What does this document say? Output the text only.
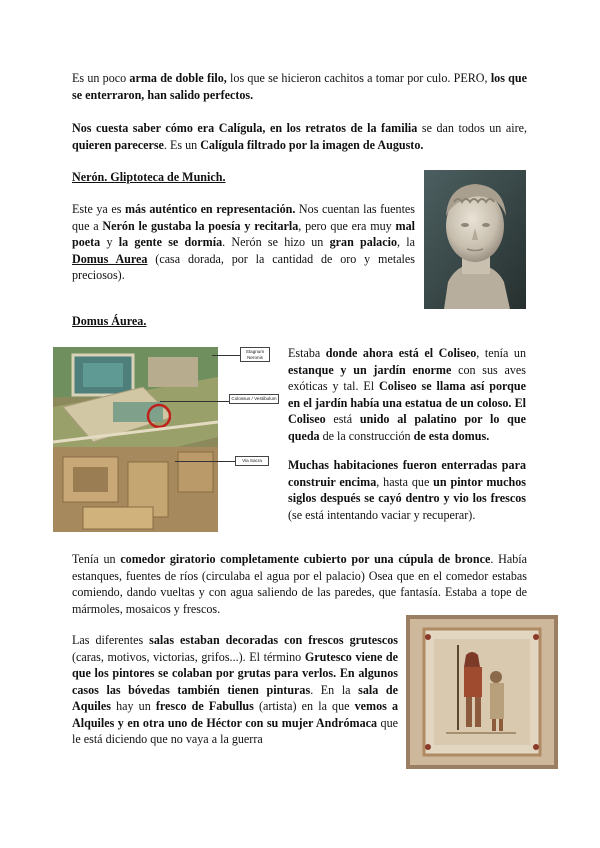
Es un poco arma de doble filo, los que se hicieron cachitos a tomar por culo. PERO, los que se enterraron, han salido perfectos.

Nos cuesta saber cómo era Calígula, en los retratos de la familia se dan todos un aire, quieren parecerse. Es un Calígula filtrado por la imagen de Augusto.

Nerón. Gliptoteca de Munich.

Este ya es más auténtico en representación. Nos cuentan las fuentes que a Nerón le gustaba la poesía y recitarla, pero que era muy mal poeta y la gente se dormía. Nerón se hizo un gran palacio, la Domus Aurea (casa dorada, por la cantidad de oro y metales preciosos).

Domus Áurea.

Stagnum Neronis
Colossus / Vestibulum
Via Sacra

Estaba donde ahora está el Coliseo, tenía un estanque y un jardín enorme con sus aves exóticas y tal. El Coliseo se llama así porque en el jardín había una estatua de un coloso. El Coliseo está unido al palatino por lo que queda de la construcción de esta domus.

Muchas habitaciones fueron enterradas para construir encima, hasta que un pintor muchos siglos después se cayó dentro y vio los frescos (se está intentando vaciar y recuperar).

Tenía un comedor giratorio completamente cubierto por una cúpula de bronce. Había estanques, fuentes de ríos (circulaba el agua por el palacio) Osea que en el comedor estabas comiendo, dando vueltas y con agua saliendo de las paredes, que fantasía. Estaba a tope de mármoles, mosaicos y frescos.

Las diferentes salas estaban decoradas con frescos grutescos (caras, motivos, victorias, grifos...). El término Grutesco viene de que los pintores se colaban por grutas para verlos. En algunos casos las bóvedas también tienen pinturas. En la sala de Aquiles hay un fresco de Fabullus (artista) en la que vemos a Alquiles y en otra uno de Héctor con su mujer Andrómaca que le está diciendo que no vaya a la guerra
